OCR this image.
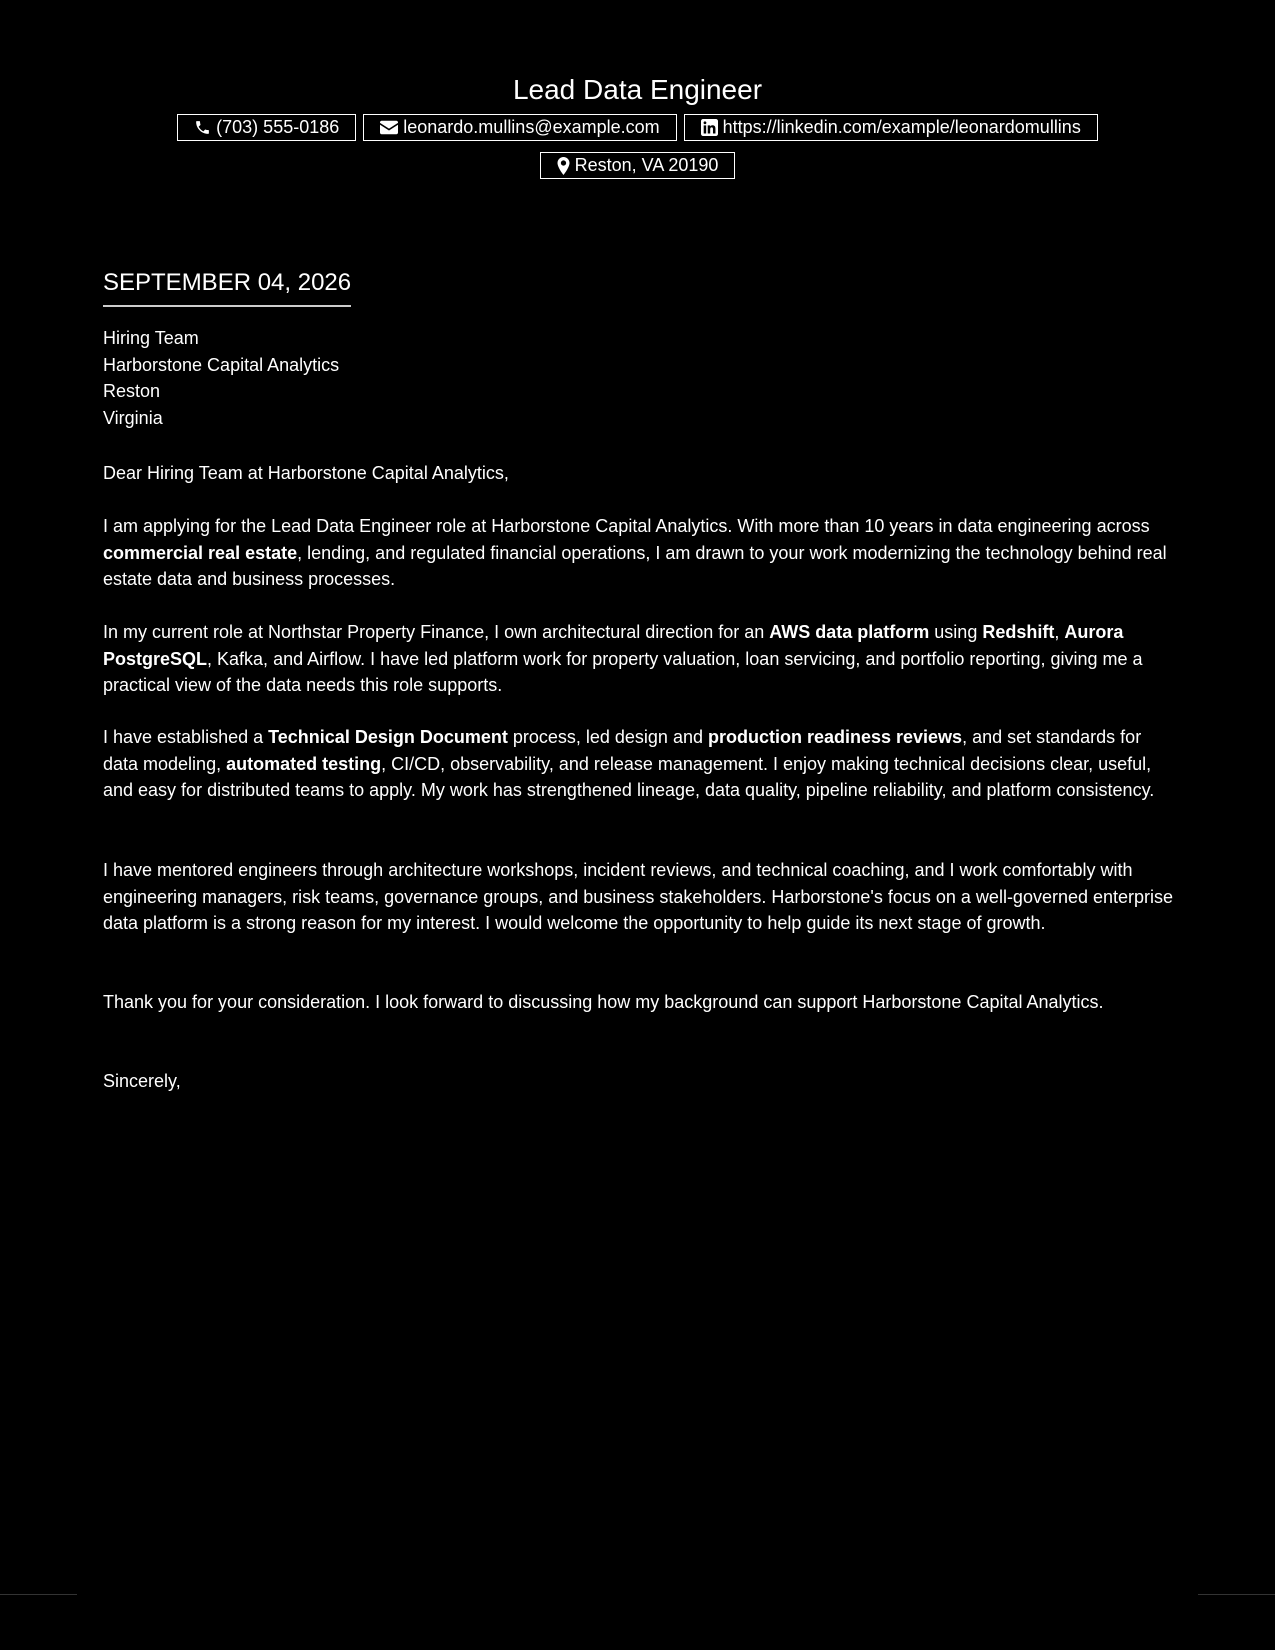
Lead Data Engineer
(703) 555-0186	leonardo.mullins@example.com	https://linkedin.com/example/leonardomullins
Reston, VA 20190
SEPTEMBER 04, 2026
Hiring Team
Harborstone Capital Analytics
Reston
Virginia

Dear Hiring Team at Harborstone Capital Analytics,

I am applying for the Lead Data Engineer role at Harborstone Capital Analytics. With more than 10 years in data engineering across commercial real estate, lending, and regulated financial operations, I am drawn to your work modernizing the technology behind real estate data and business processes.

In my current role at Northstar Property Finance, I own architectural direction for an AWS data platform using Redshift, Aurora PostgreSQL, Kafka, and Airflow. I have led platform work for property valuation, loan servicing, and portfolio reporting, giving me a practical view of the data needs this role supports.

I have established a Technical Design Document process, led design and production readiness reviews, and set standards for data modeling, automated testing, CI/CD, observability, and release management. I enjoy making technical decisions clear, useful, and easy for distributed teams to apply. My work has strengthened lineage, data quality, pipeline reliability, and platform consistency.

I have mentored engineers through architecture workshops, incident reviews, and technical coaching, and I work comfortably with engineering managers, risk teams, governance groups, and business stakeholders. Harborstone's focus on a well-governed enterprise data platform is a strong reason for my interest. I would welcome the opportunity to help guide its next stage of growth.

Thank you for your consideration. I look forward to discussing how my background can support Harborstone Capital Analytics.

Sincerely,
